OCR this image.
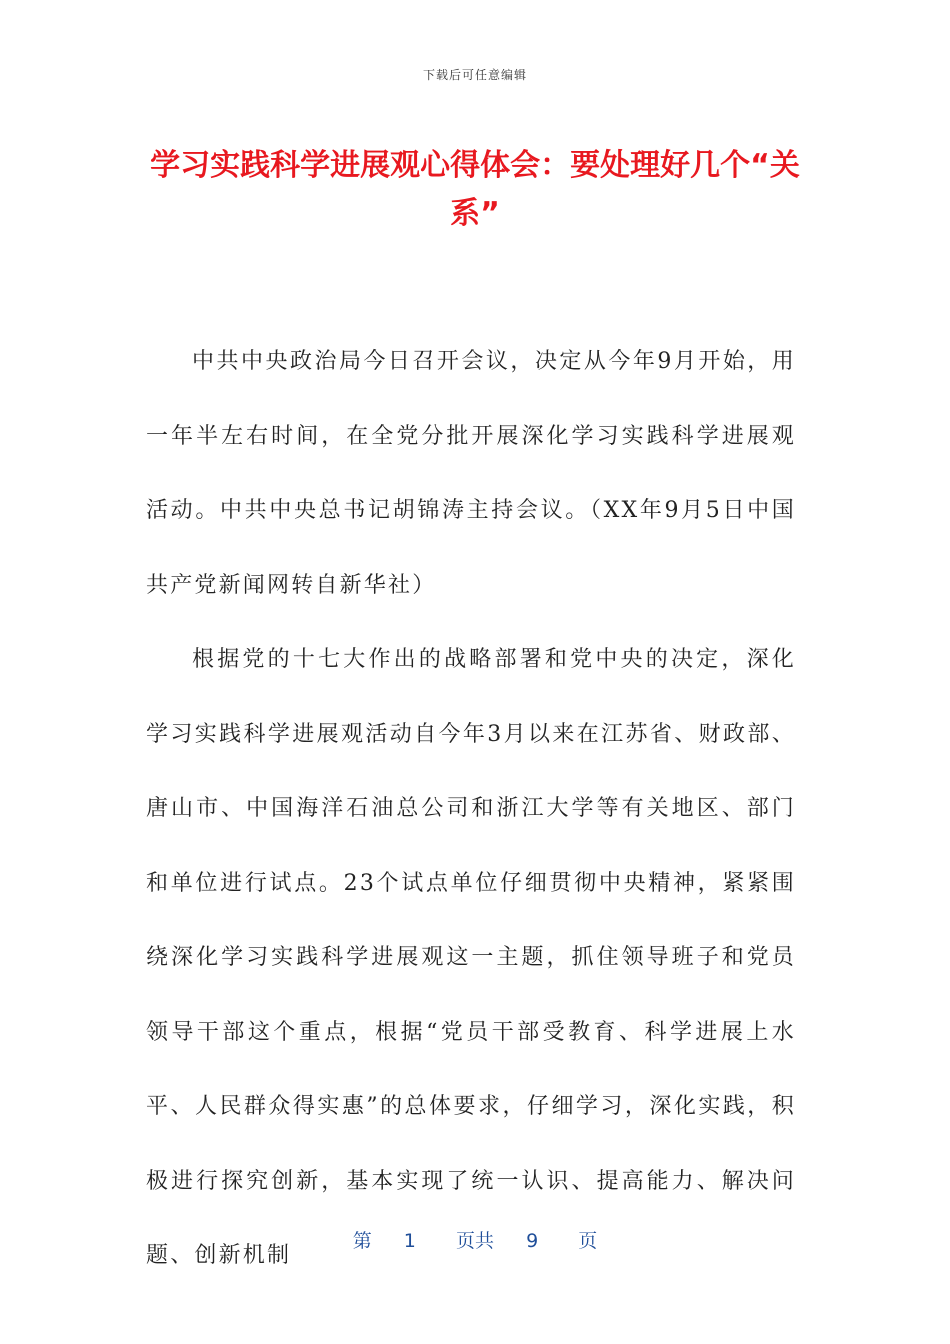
下载后可任意编辑
学习实践科学进展观心得体会：要处理好几个“关系”

中共中央政治局今日召开会议，决定从今年9月开始，用一年半左右时间，在全党分批开展深化学习实践科学进展观活动。中共中央总书记胡锦涛主持会议。（XX年9月5日中国共产党新闻网转自新华社）

根据党的十七大作出的战略部署和党中央的决定，深化学习实践科学进展观活动自今年3月以来在江苏省、财政部、唐山市、中国海洋石油总公司和浙江大学等有关地区、部门和单位进行试点。23个试点单位仔细贯彻中央精神，紧紧围绕深化学习实践科学进展观这一主题，抓住领导班子和党员领导干部这个重点，根据“党员干部受教育、科学进展上水平、人民群众得实惠”的总体要求，仔细学习，深化实践，积极进行探究创新，基本实现了统一认识、提高能力、解决问题、创新机制

第 1 页共 9 页
